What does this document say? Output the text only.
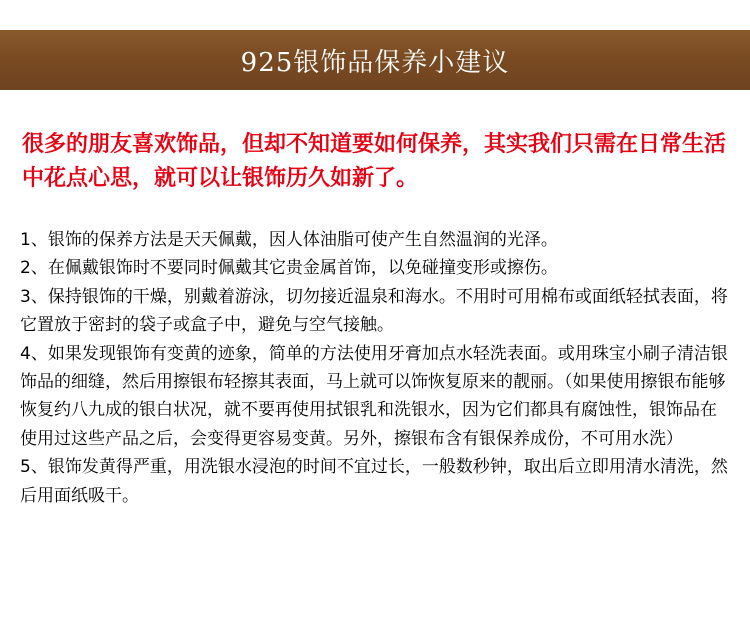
925银饰品保养小建议
很多的朋友喜欢饰品，但却不知道要如何保养，其实我们只需在日常生活中花点心思，就可以让银饰历久如新了。

1、银饰的保养方法是天天佩戴，因人体油脂可使产生自然温润的光泽。

2、在佩戴银饰时不要同时佩戴其它贵金属首饰，以免碰撞变形或擦伤。

3、保持银饰的干燥，别戴着游泳，切勿接近温泉和海水。不用时可用棉布或面纸轻拭表面，将它置放于密封的袋子或盒子中，避免与空气接触。

4、如果发现银饰有变黄的迹象，简单的方法使用牙膏加点水轻洗表面。或用珠宝小刷子清洁银饰品的细缝，然后用擦银布轻擦其表面，马上就可以饰恢复原来的靓丽。（如果使用擦银布能够恢复约八九成的银白状况，就不要再使用拭银乳和洗银水，因为它们都具有腐蚀性，银饰品在使用过这些产品之后，会变得更容易变黄。另外，擦银布含有银保养成份，不可用水洗）

5、银饰发黄得严重，用洗银水浸泡的时间不宜过长，一般数秒钟，取出后立即用清水清洗，然后用面纸吸干。
